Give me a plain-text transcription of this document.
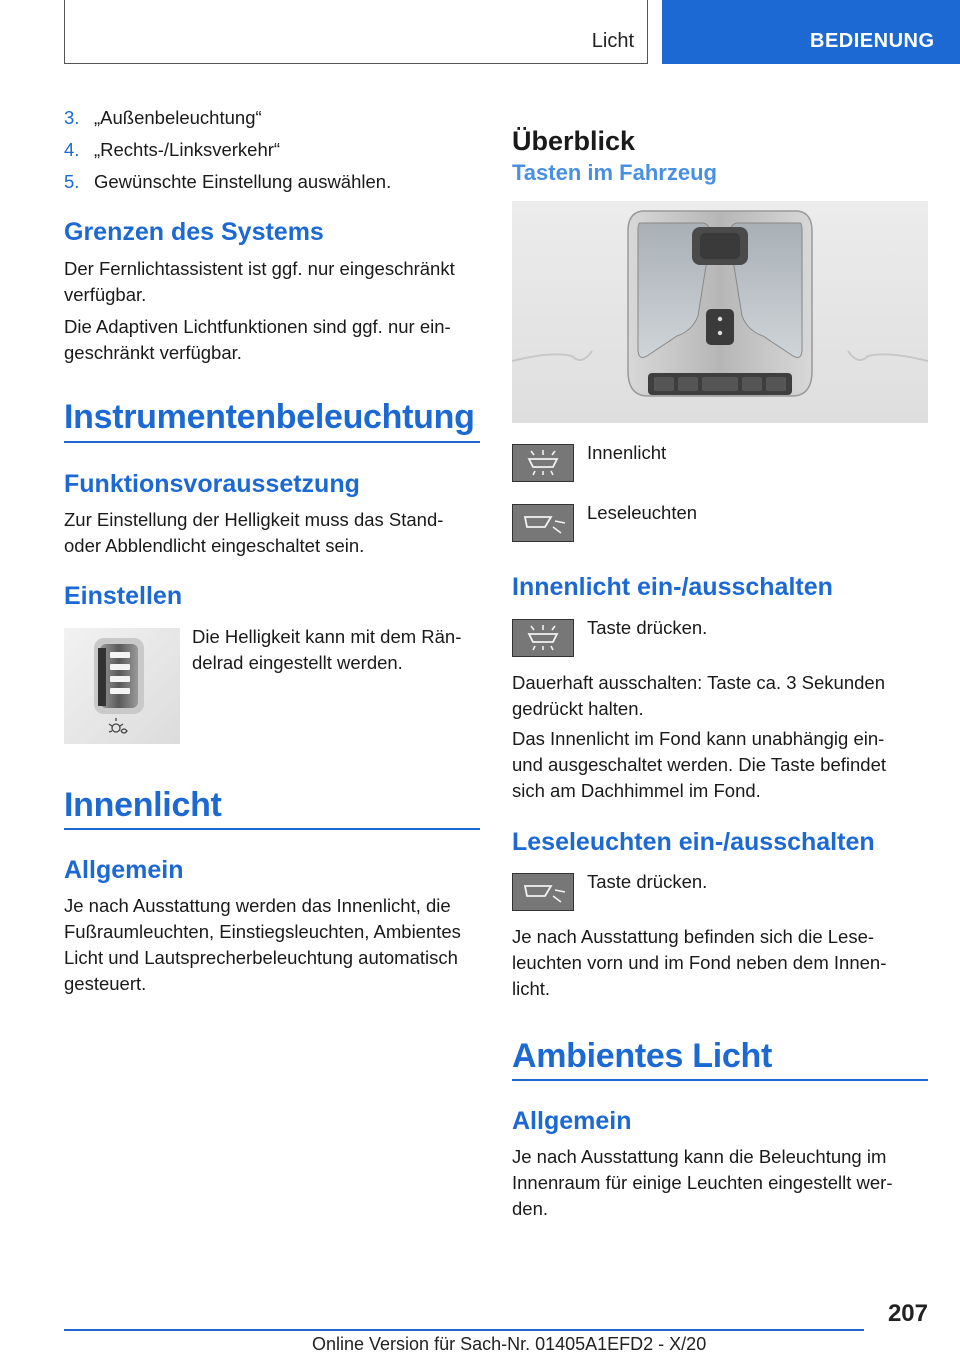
Licht	BEDIENUNG
3. „Außenbeleuchtung“
4. „Rechts-/Linksverkehr“
5. Gewünschte Einstellung auswählen.
Grenzen des Systems

Der Fernlichtassistent ist ggf. nur eingeschränkt
verfügbar.

Die Adaptiven Lichtfunktionen sind ggf. nur ein-
geschränkt verfügbar.

Instrumentenbeleuchtung
Funktionsvoraussetzung

Zur Einstellung der Helligkeit muss das Stand-
oder Abblendlicht eingeschaltet sein.

Einstellen

Die Helligkeit kann mit dem Rän-
delrad eingestellt werden.

Innenlicht
Allgemein

Je nach Ausstattung werden das Innenlicht, die
Fußraumleuchten, Einstiegsleuchten, Ambientes
Licht und Lautsprecherbeleuchtung automatisch
gesteuert.

Überblick
Tasten im Fahrzeug

Innenlicht

Leseleuchten

Innenlicht ein-/ausschalten

Taste drücken.

Dauerhaft ausschalten: Taste ca. 3 Sekunden
gedrückt halten.

Das Innenlicht im Fond kann unabhängig ein-
und ausgeschaltet werden. Die Taste befindet
sich am Dachhimmel im Fond.

Leseleuchten ein-/ausschalten

Taste drücken.

Je nach Ausstattung befinden sich die Lese-
leuchten vorn und im Fond neben dem Innen-
licht.

Ambientes Licht
Allgemein

Je nach Ausstattung kann die Beleuchtung im
Innenraum für einige Leuchten eingestellt wer-
den.

207
Online Version für Sach-Nr. 01405A1EFD2 - X/20
